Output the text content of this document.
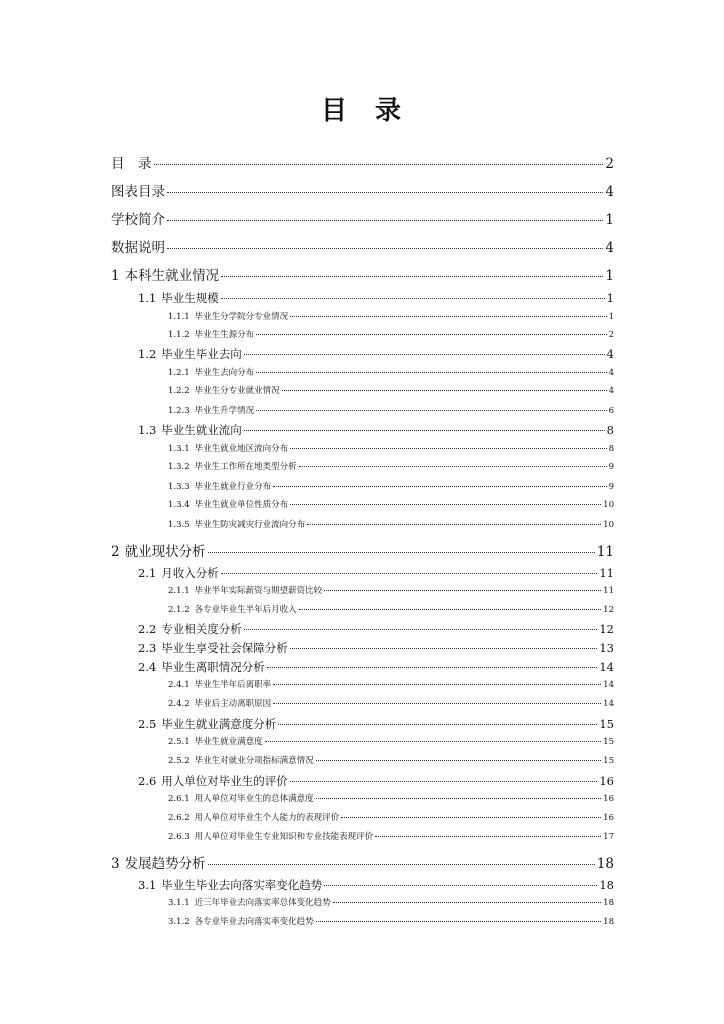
目 录
目　录	2
图表目录	4
学校简介	1
数据说明	4
1 本科生就业情况	1
1.1 毕业生规模	1
1.1.1 毕业生分学院分专业情况	1
1.1.2 毕业生生源分布	2
1.2 毕业生毕业去向	4
1.2.1 毕业生去向分布	4
1.2.2 毕业生分专业就业情况	4
1.2.3 毕业生升学情况	6
1.3 毕业生就业流向	8
1.3.1 毕业生就业地区流向分布	8
1.3.2 毕业生工作所在地类型分析	9
1.3.3 毕业生就业行业分布	9
1.3.4 毕业生就业单位性质分布	10
1.3.5 毕业生防灾减灾行业流向分布	10
2 就业现状分析	11
2.1 月收入分析	11
2.1.1 毕业半年实际薪资与期望薪资比较	11
2.1.2 各专业毕业生半年后月收入	12
2.2 专业相关度分析	12
2.3 毕业生享受社会保障分析	13
2.4 毕业生离职情况分析	14
2.4.1 毕业生半年后离职率	14
2.4.2 毕业后主动离职原因	14
2.5 毕业生就业满意度分析	15
2.5.1 毕业生就业满意度	15
2.5.2 毕业生对就业分项指标满意情况	15
2.6 用人单位对毕业生的评价	16
2.6.1 用人单位对毕业生的总体满意度	16
2.6.2 用人单位对毕业生个人能力的表现评价	16
2.6.3 用人单位对毕业生专业知识和专业技能表现评价	17
3 发展趋势分析	18
3.1 毕业生毕业去向落实率变化趋势	18
3.1.1 近三年毕业去向落实率总体变化趋势	18
3.1.2 各专业毕业去向落实率变化趋势	18
